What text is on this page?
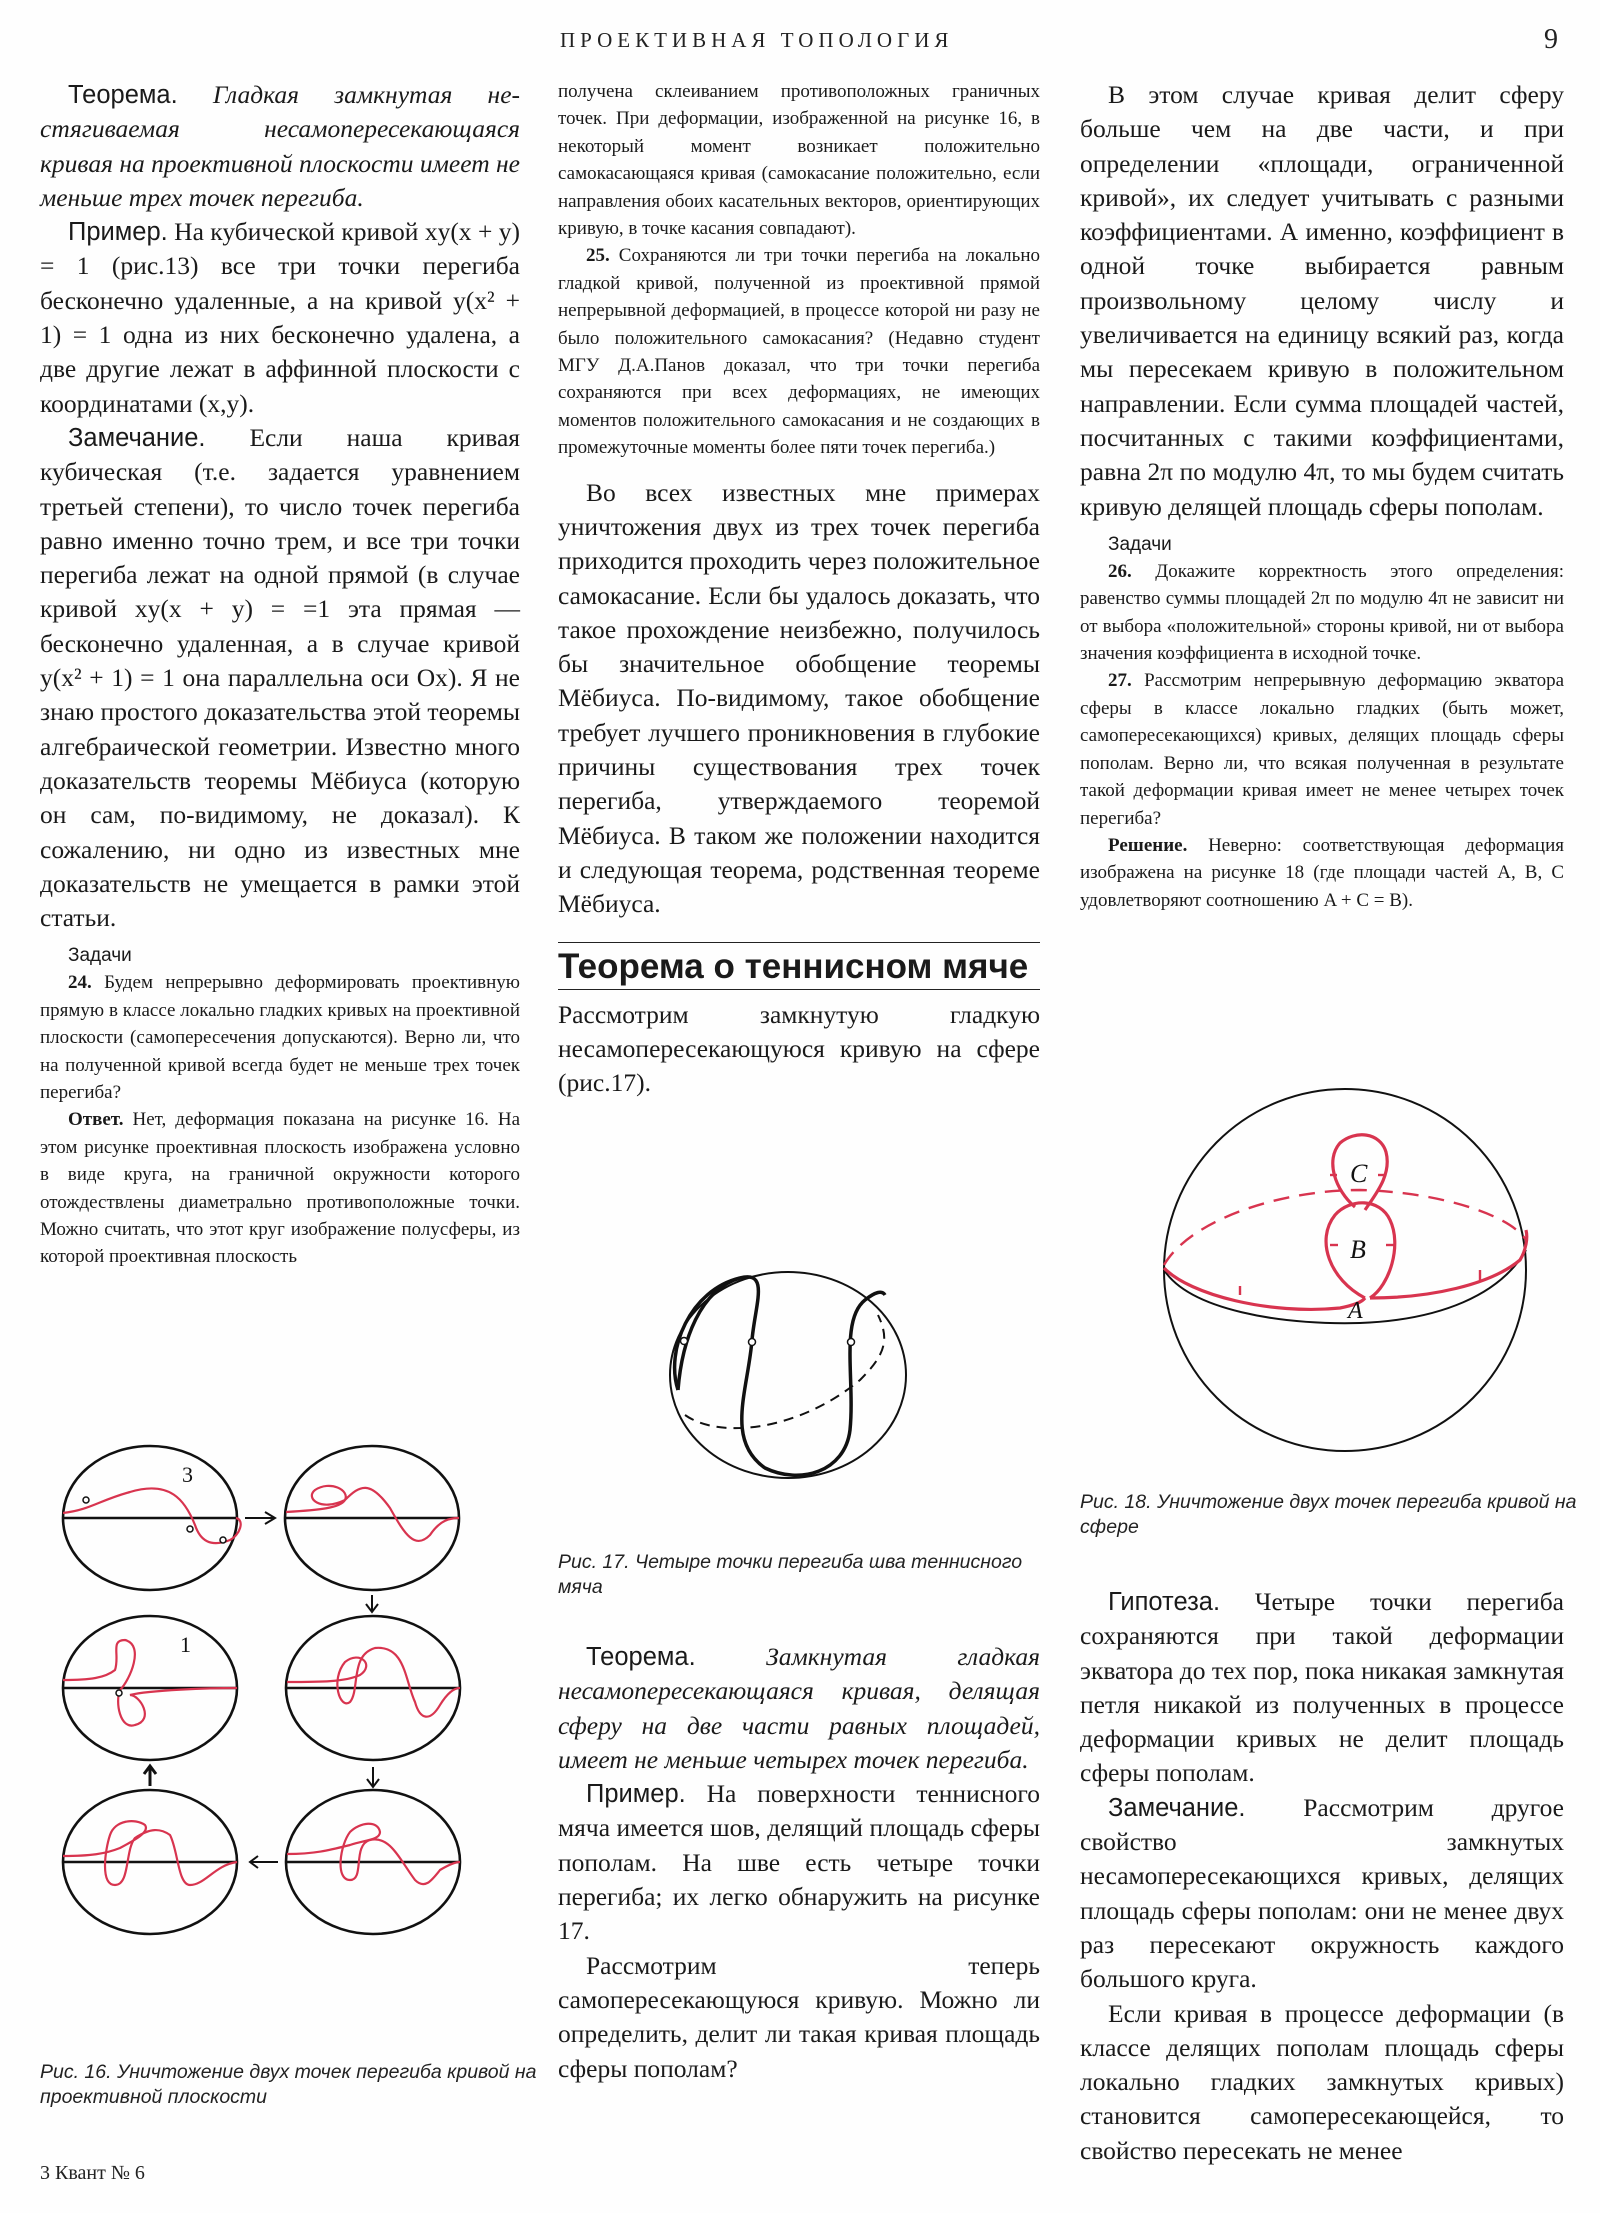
ПРОЕКТИВНАЯ ТОПОЛОГИЯ	9

Теорема. Гладкая замкнутая не-стягиваемая несамопересекающаяся кривая на проективной плоскости имеет не меньше трех точек перегиба.

Пример. На кубической кривой xy(x + y) = 1 (рис.13) все три точки перегиба бесконечно удаленные, а на кривой y(x² + 1) = 1 одна из них бесконечно удалена, а две другие лежат в аффинной плоскости с координатами (x,y).

Замечание. Если наша кривая кубическая (т.е. задается уравнением третьей степени), то число точек перегиба равно именно точно трем, и все три точки перегиба лежат на одной прямой (в случае кривой xy(x + y) = =1 эта прямая — бесконечно удаленная, а в случае кривой y(x² + 1) = 1 она параллельна оси Ox). Я не знаю простого доказательства этой теоремы алгебраической геометрии. Известно много доказательств теоремы Мёбиуса (которую он сам, по-видимому, не доказал). К сожалению, ни одно из известных мне доказательств не умещается в рамки этой статьи.

Задачи

24. Будем непрерывно деформировать проективную прямую в классе локально гладких кривых на проективной плоскости (самопересечения допускаются). Верно ли, что на полученной кривой всегда будет не меньше трех точек перегиба?

Ответ. Нет, деформация показана на рисунке 16. На этом рисунке проективная плоскость изображена условно в виде круга, на граничной окружности которого отождествлены диаметрально противоположные точки. Можно считать, что этот круг изображение полусферы, из которой проективная плоскость

получена склеиванием противоположных граничных точек. При деформации, изображенной на рисунке 16, в некоторый момент возникает положительно самокасающаяся кривая (самокасание положительно, если направления обоих касательных векторов, ориентирующих кривую, в точке касания совпадают).

25. Сохраняются ли три точки перегиба на локально гладкой кривой, полученной из проективной прямой непрерывной деформацией, в процессе которой ни разу не было положительного самокасания? (Недавно студент МГУ Д.А.Панов доказал, что три точки перегиба сохраняются при всех деформациях, не имеющих моментов положительного самокасания и не создающих в промежуточные моменты более пяти точек перегиба.)

Во всех известных мне примерах уничтожения двух из трех точек перегиба приходится проходить через положительное самокасание. Если бы удалось доказать, что такое прохождение неизбежно, получилось бы значительное обобщение теоремы Мёбиуса. По-видимому, такое обобщение требует лучшего проникновения в глубокие причины существования трех точек перегиба, утверждаемого теоремой Мёбиуса. В таком же положении находится и следующая теорема, родственная теореме Мёбиуса.

Теорема о теннисном мяче

Рассмотрим замкнутую гладкую несамопересекающуюся кривую на сфере (рис.17).

Теорема.	Замкнутая гладкая несамопересекающаяся кривая, делящая сферу на две части равных площадей, имеет не меньше четырех точек перегиба.

Пример. На поверхности теннисного мяча имеется шов, делящий площадь сферы пополам. На шве есть четыре точки перегиба; их легко обнаружить на рисунке 17.

Рассмотрим теперь самопересекающуюся кривую. Можно ли определить, делит ли такая кривая площадь сферы пополам?

В этом случае кривая делит сферу больше чем на две части, и при определении «площади, ограниченной кривой», их следует учитывать с разными коэффициентами. А именно, коэффициент в одной точке выбирается равным произвольному целому числу и увеличивается на единицу всякий раз, когда мы пересекаем кривую в положительном направлении. Если сумма площадей частей, посчитанных с такими коэффициентами, равна 2π по модулю 4π, то мы будем считать кривую делящей площадь сферы пополам.

Задачи

26. Докажите корректность этого определения: равенство суммы площадей 2π по модулю 4π не зависит ни от выбора «положительной» стороны кривой, ни от выбора значения коэффициента в исходной точке.

27. Рассмотрим непрерывную деформацию экватора сферы в классе локально гладких (быть может, самопересекающихся) кривых, делящих площадь сферы пополам. Верно ли, что всякая полученная в результате такой деформации кривая имеет не менее четырех точек перегиба?

Решение. Неверно: соответствующая деформация изображена на рисунке 18 (где площади частей A, B, C удовлетворяют соотношению A + C = B).

Гипотеза. Четыре точки перегиба сохраняются при такой деформации экватора до тех пор, пока никакая замкнутая петля никакой из полученных в процессе деформации кривых не делит площадь сферы пополам.

Замечание. Рассмотрим другое свойство замкнутых несамопересекающихся кривых, делящих площадь сферы пополам: они не менее двух раз пересекают окружность каждого большого круга.

Если кривая в процессе деформации (в классе делящих пополам площадь сферы локально гладких замкнутых кривых) становится самопересекающейся, то свойство пересекать не менее

3
1
Рис. 16. Уничтожение двух точек перегиба кривой на проективной плоскости
Рис. 17. Четыре точки перегиба шва теннисного мяча
C
B
A
Рис. 18. Уничтожение двух точек перегиба кривой на сфере
3 Квант № 6
